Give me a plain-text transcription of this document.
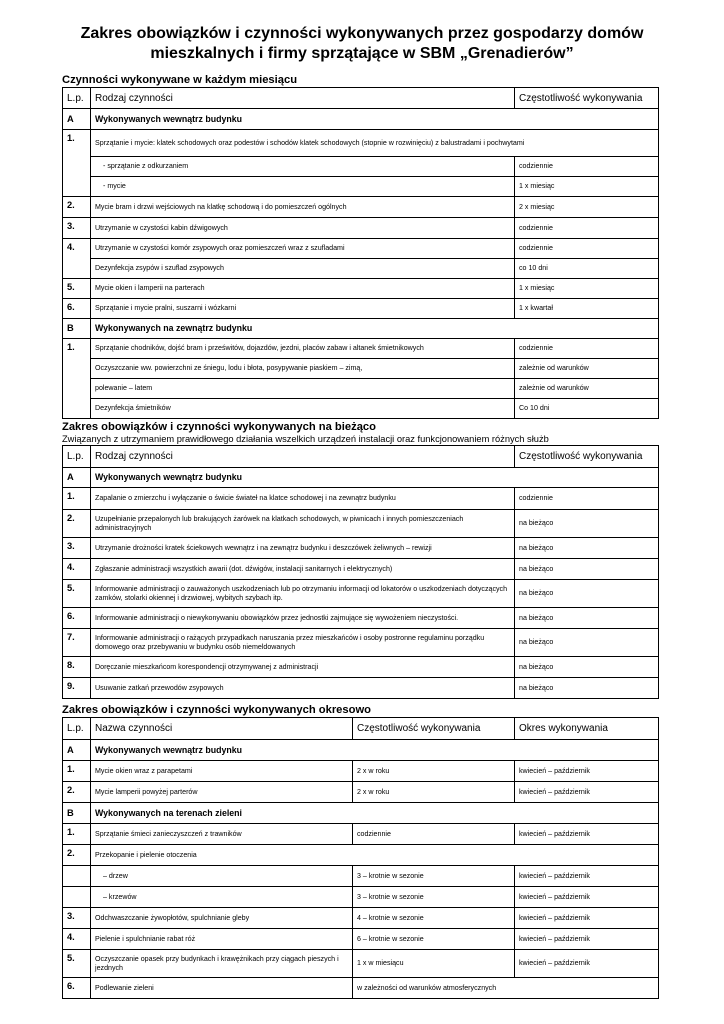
Zakres obowiązków i czynności wykonywanych przez gospodarzy domów
mieszkalnych i firmy sprzątające w SBM „Grenadierów”
Czynności wykonywane w każdym miesiącu
L.p.	Rodzaj czynności	Częstotliwość wykonywania
A	Wykonywanych wewnątrz budynku	
1.	Sprzątanie i mycie: klatek schodowych oraz podestów i schodów klatek schodowych (stopnie w rozwinięciu) z balustradami i pochwytami	
	- sprzątanie z odkurzaniem	codziennie
	- mycie	1 x miesiąc
2.	Mycie bram i drzwi wejściowych na klatkę schodową i do pomieszczeń ogólnych	2 x miesiąc
3.	Utrzymanie w czystości kabin dźwigowych	codziennie
4.	Utrzymanie w czystości komór zsypowych oraz pomieszczeń wraz z szufladami	codziennie
	Dezynfekcja zsypów i szuflad zsypowych	co 10 dni
5.	Mycie okien i lamperii na parterach	1 x miesiąc
6.	Sprzątanie i mycie pralni, suszarni i wózkarni	1 x kwartał
B	Wykonywanych na zewnątrz budynku	
1.	Sprzątanie chodników, dojść bram i prześwitów, dojazdów, jezdni, placów zabaw i altanek śmietnikowych	codziennie
	Oczyszczanie ww. powierzchni ze śniegu, lodu i błota, posypywanie piaskiem – zimą,	zależnie od warunków
	polewanie – latem	zależnie od warunków
	Dezynfekcja śmietników	Co 10 dni
Zakres obowiązków i czynności wykonywanych na bieżąco
Związanych z utrzymaniem prawidłowego działania wszelkich urządzeń instalacji oraz funkcjonowaniem różnych służb
L.p.	Rodzaj czynności	Częstotliwość wykonywania
A	Wykonywanych wewnątrz budynku	
1.	Zapalanie o zmierzchu i wyłączanie o świcie świateł na klatce schodowej i na zewnątrz budynku	codziennie
2.	Uzupełnianie przepalonych lub brakujących żarówek na klatkach schodowych, w piwnicach i innych pomieszczeniach administracyjnych	na bieżąco
3.	Utrzymanie drożności kratek ściekowych wewnątrz i na zewnątrz budynku i deszczówek żeliwnych – rewizji	na bieżąco
4.	Zgłaszanie administracji wszystkich awarii (dot. dźwigów, instalacji sanitarnych i elektrycznych)	na bieżąco
5.	Informowanie administracji o zauważonych uszkodzeniach lub po otrzymaniu informacji od lokatorów o uszkodzeniach dotyczących zamków, stolarki okiennej i drzwiowej, wybitych szybach itp.	na bieżąco
6.	Informowanie administracji o niewykonywaniu obowiązków przez jednostki zajmujące się wywożeniem nieczystości.	na bieżąco
7.	Informowanie administracji o rażących przypadkach naruszania przez mieszkańców i osoby postronne regulaminu porządku domowego oraz przebywaniu w budynku osób niemeldowanych	na bieżąco
8.	Doręczanie mieszkańcom korespondencji otrzymywanej z administracji	na bieżąco
9.	Usuwanie zatkań przewodów zsypowych	na bieżąco
Zakres obowiązków i czynności wykonywanych okresowo
L.p.	Nazwa czynności	Częstotliwość wykonywania	Okres wykonywania
A	Wykonywanych wewnątrz budynku		
1.	Mycie okien wraz z parapetami	2 x w roku	kwiecień – październik
2.	Mycie lamperii powyżej parterów	2 x w roku	kwiecień – październik
B	Wykonywanych na terenach zieleni		
1.	Sprzątanie śmieci zanieczyszczeń z trawników	codziennie	kwiecień – październik
2.	Przekopanie i pielenie otoczenia		
	– drzew	3 – krotnie w sezonie	kwiecień – październik
	– krzewów	3 – krotnie w sezonie	kwiecień – październik
3.	Odchwaszczanie żywopłotów, spulchnianie gleby	4 – krotnie w sezonie	kwiecień – październik
4.	Pielenie i spulchnianie rabat róż	6 – krotnie w sezonie	kwiecień – październik
5.	Oczyszczanie opasek przy budynkach i krawężnikach przy ciągach pieszych i jezdnych	1 x w miesiącu	kwiecień – październik
6.	Podlewanie zieleni	w zależności od warunków atmosferycznych	
